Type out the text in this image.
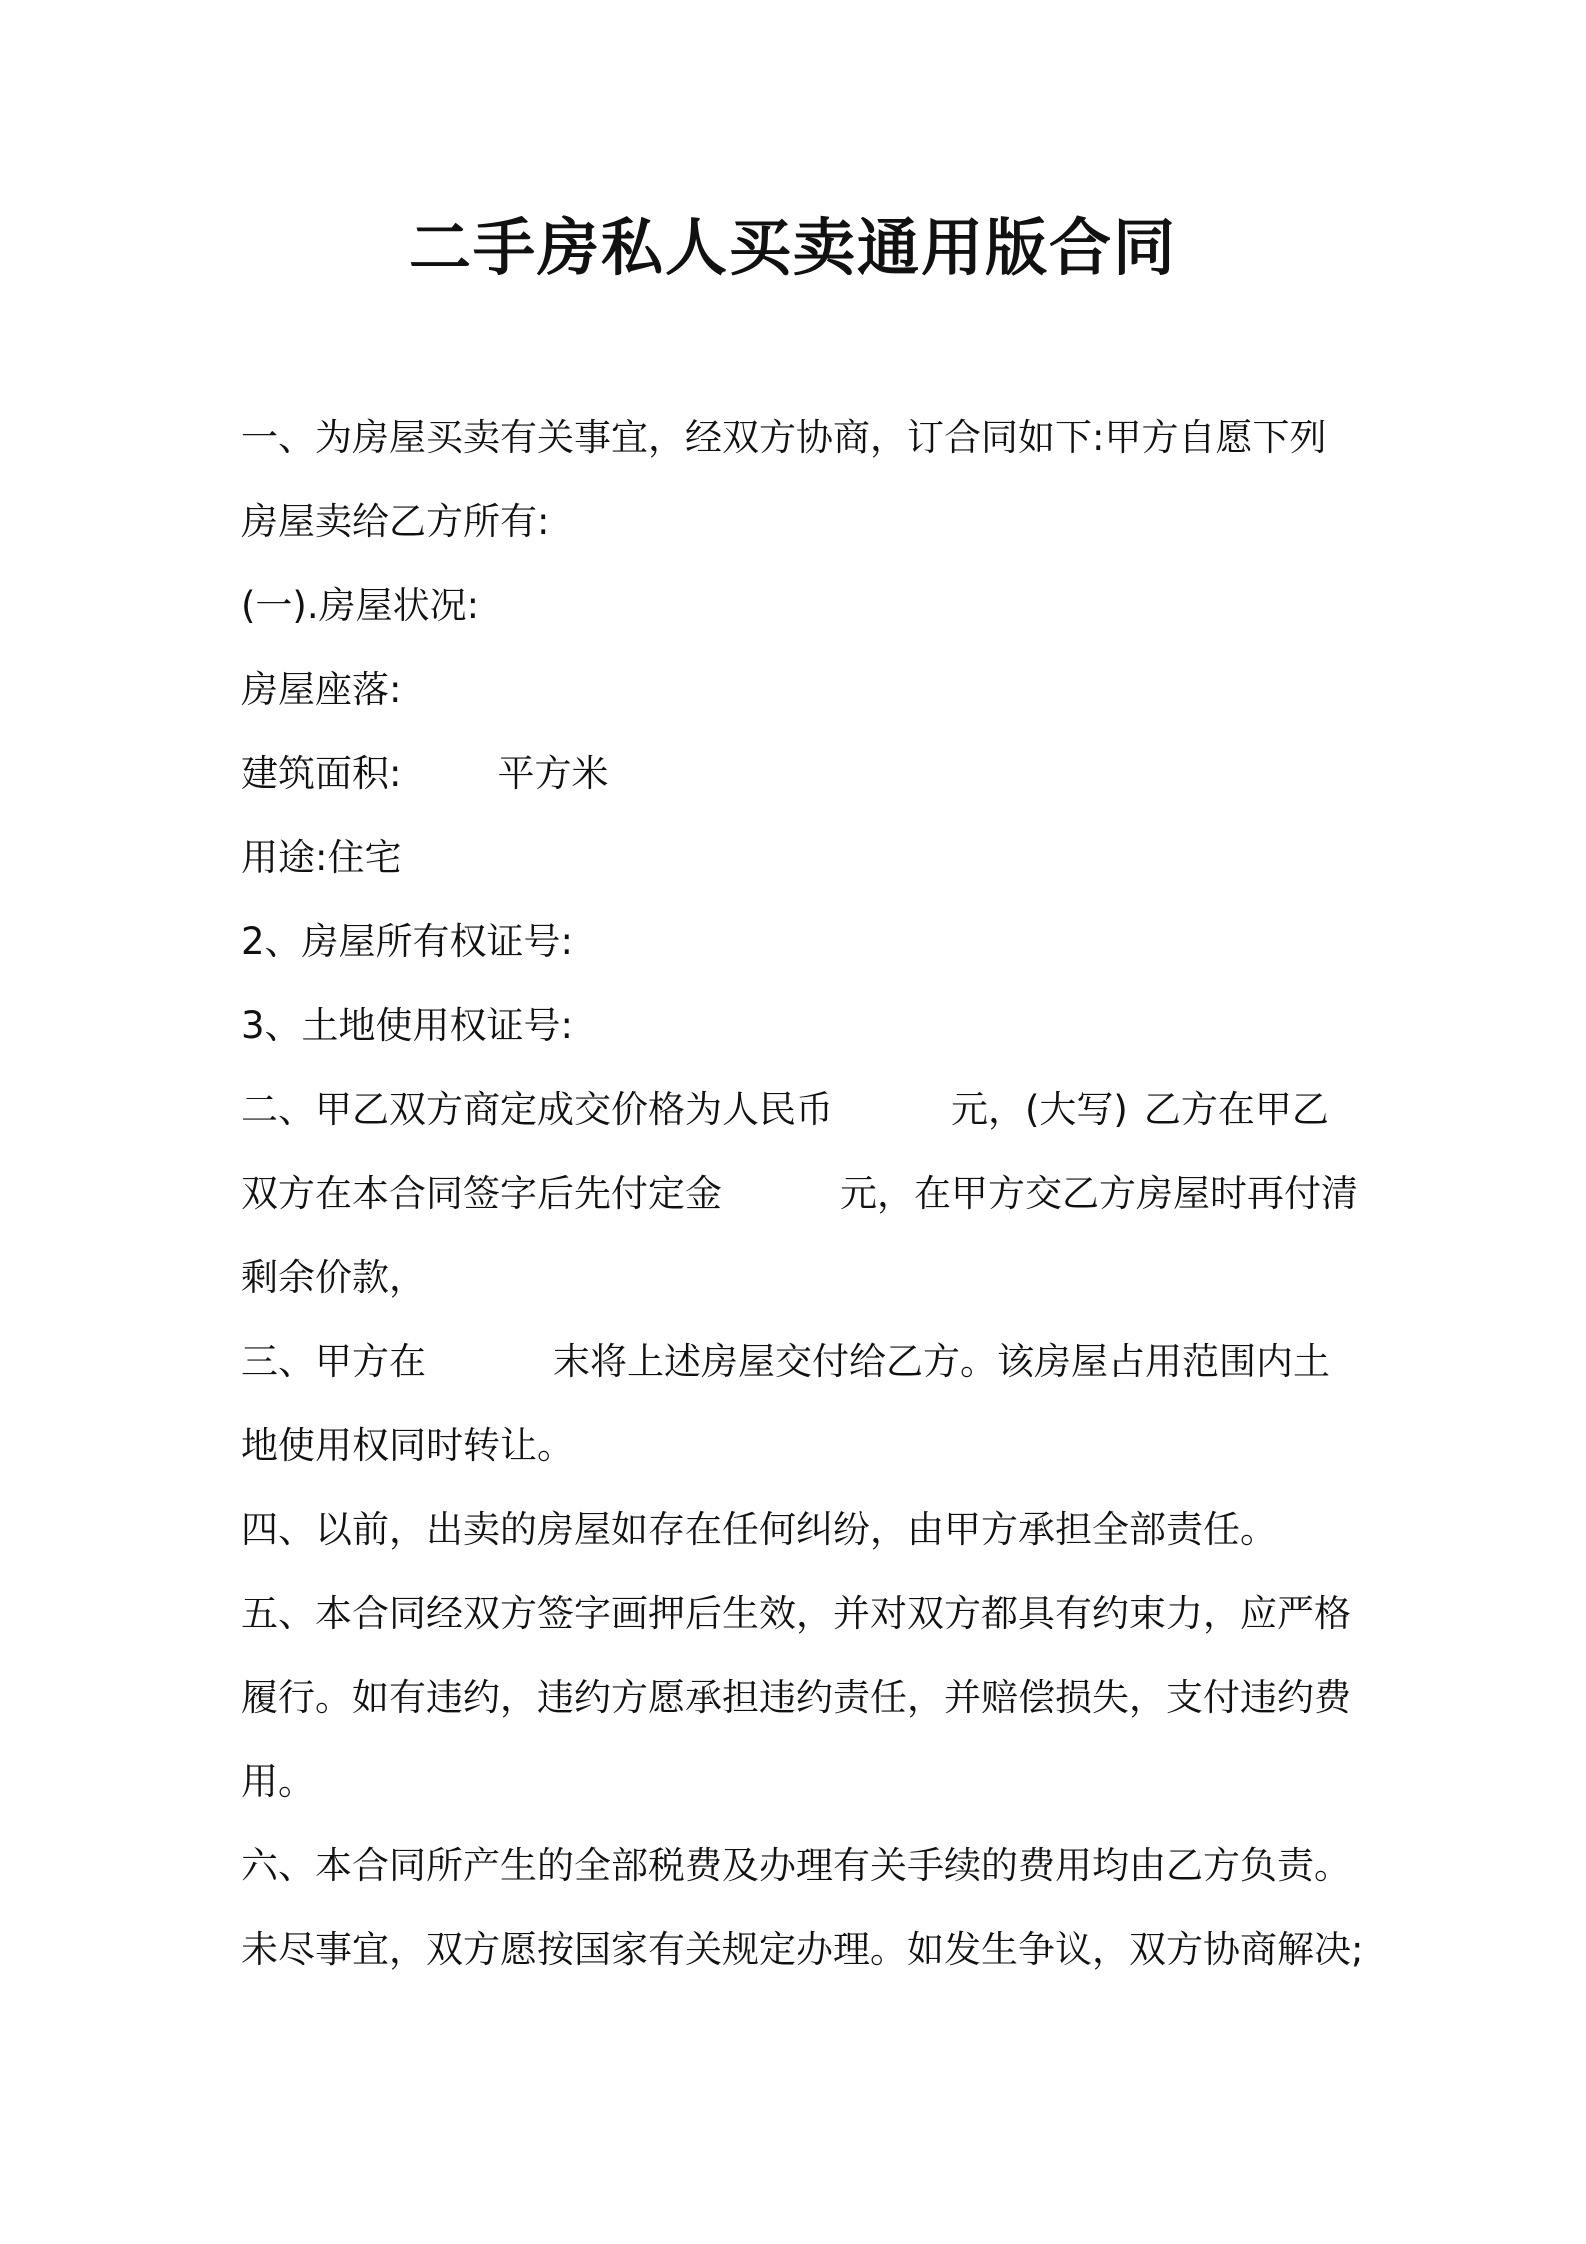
二手房私人买卖通用版合同
一、为房屋买卖有关事宜，经双方协商，订合同如下:甲方自愿下列
房屋卖给乙方所有:
(一).房屋状况:
房屋座落:
建筑面积:	平方米
用途:住宅
2、房屋所有权证号:
3、土地使用权证号:
二、甲乙双方商定成交价格为人民币	元，(大写) 乙方在甲乙
双方在本合同签字后先付定金	元，在甲方交乙方房屋时再付清
剩余价款，
三、甲方在	末将上述房屋交付给乙方。该房屋占用范围内土
地使用权同时转让。
四、以前，出卖的房屋如存在任何纠纷，由甲方承担全部责任。
五、本合同经双方签字画押后生效，并对双方都具有约束力，应严格
履行。如有违约，违约方愿承担违约责任，并赔偿损失，支付违约费
用。
六、本合同所产生的全部税费及办理有关手续的费用均由乙方负责。
未尽事宜，双方愿按国家有关规定办理。如发生争议，双方协商解决;
